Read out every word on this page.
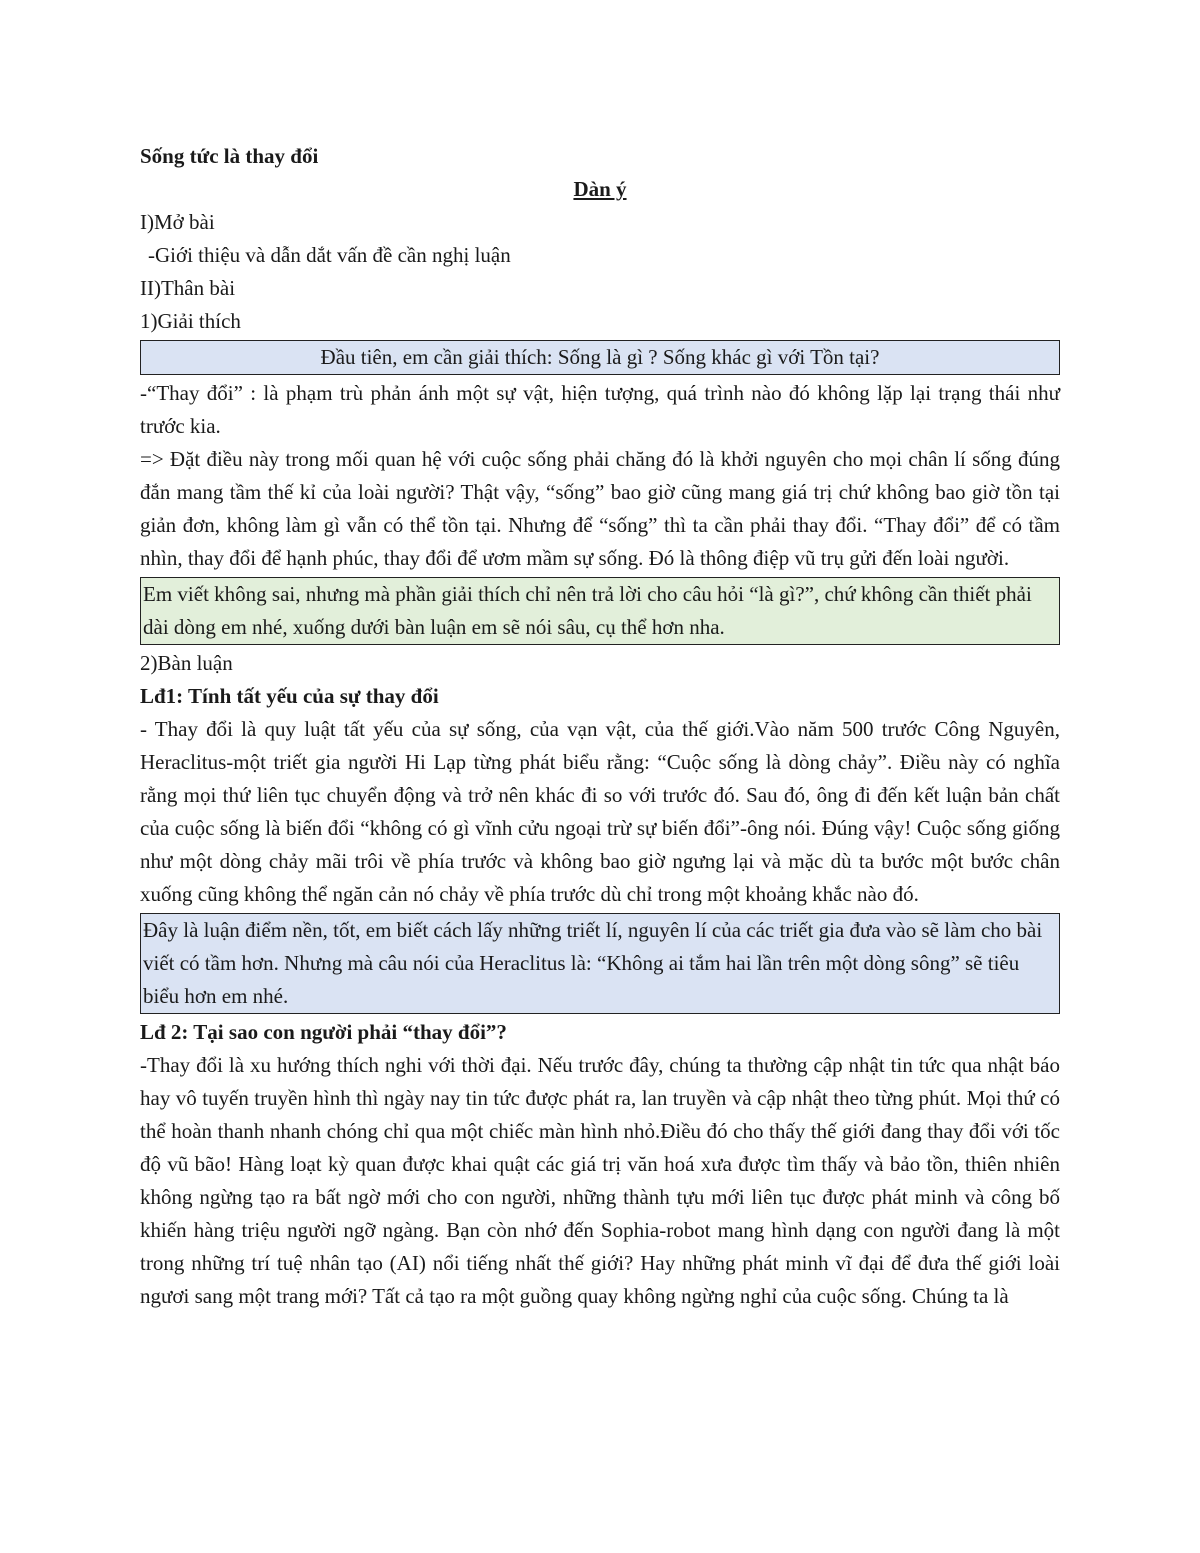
Sống tức là thay đổi

Dàn ý

I)Mở bài

-Giới thiệu và dẫn dắt vấn đề cần nghị luận

II)Thân bài

1)Giải thích

Đầu tiên, em cần giải thích: Sống là gì ? Sống khác gì với Tồn tại?

-“Thay đổi” : là phạm trù phản ánh một sự vật, hiện tượng, quá trình nào đó không lặp lại trạng thái như trước kia.

=> Đặt điều này trong mối quan hệ với cuộc sống phải chăng đó là khởi nguyên cho mọi chân lí sống đúng đắn mang tầm thế kỉ của loài người? Thật vậy, “sống” bao giờ cũng mang giá trị chứ không bao giờ tồn tại giản đơn, không làm gì vẫn có thể tồn tại. Nhưng để “sống” thì ta cần phải thay đổi. “Thay đổi” để có tầm nhìn, thay đổi để hạnh phúc, thay đổi để ươm mầm sự sống. Đó là thông điệp vũ trụ gửi đến loài người.

Em viết không sai, nhưng mà phần giải thích chỉ nên trả lời cho câu hỏi “là gì?”, chứ không cần thiết phải dài dòng em nhé, xuống dưới bàn luận em sẽ nói sâu, cụ thể hơn nha.

2)Bàn luận

Lđ1: Tính tất yếu của sự thay đổi

- Thay đổi là quy luật tất yếu của sự sống, của vạn vật, của thế giới.Vào năm 500 trước Công Nguyên, Heraclitus-một triết gia người Hi Lạp từng phát biểu rằng: “Cuộc sống là dòng chảy”. Điều này có nghĩa rằng mọi thứ liên tục chuyển động và trở nên khác đi so với trước đó. Sau đó, ông đi đến kết luận bản chất của cuộc sống là biến đổi “không có gì vĩnh cửu ngoại trừ sự biến đổi”-ông nói. Đúng vậy! Cuộc sống giống như một dòng chảy mãi trôi về phía trước và không bao giờ ngưng lại và mặc dù ta bước một bước chân xuống cũng không thể ngăn cản nó chảy về phía trước dù chỉ trong một khoảng khắc nào đó.

Đây là luận điểm nền, tốt, em biết cách lấy những triết lí, nguyên lí của các triết gia đưa vào sẽ làm cho bài viết có tầm hơn. Nhưng mà câu nói của Heraclitus là: “Không ai tắm hai lần trên một dòng sông” sẽ tiêu biểu hơn em nhé.

Lđ 2: Tại sao con người phải “thay đổi”?

-Thay đổi là xu hướng thích nghi với thời đại. Nếu trước đây, chúng ta thường cập nhật tin tức qua nhật báo hay vô tuyến truyền hình thì ngày nay tin tức được phát ra, lan truyền và cập nhật theo từng phút. Mọi thứ có thể hoàn thanh nhanh chóng chỉ qua một chiếc màn hình nhỏ.Điều đó cho thấy thế giới đang thay đổi với tốc độ vũ bão! Hàng loạt kỳ quan được khai quật các giá trị văn hoá xưa được tìm thấy và bảo tồn, thiên nhiên không ngừng tạo ra bất ngờ mới cho con người, những thành tựu mới liên tục được phát minh và công bố khiến hàng triệu người ngỡ ngàng. Bạn còn nhớ đến Sophia-robot mang hình dạng con người đang là một trong những trí tuệ nhân tạo (AI) nổi tiếng nhất thế giới? Hay những phát minh vĩ đại để đưa thế giới loài ngươi sang một trang mới? Tất cả tạo ra một guồng quay không ngừng nghỉ của cuộc sống. Chúng ta là
